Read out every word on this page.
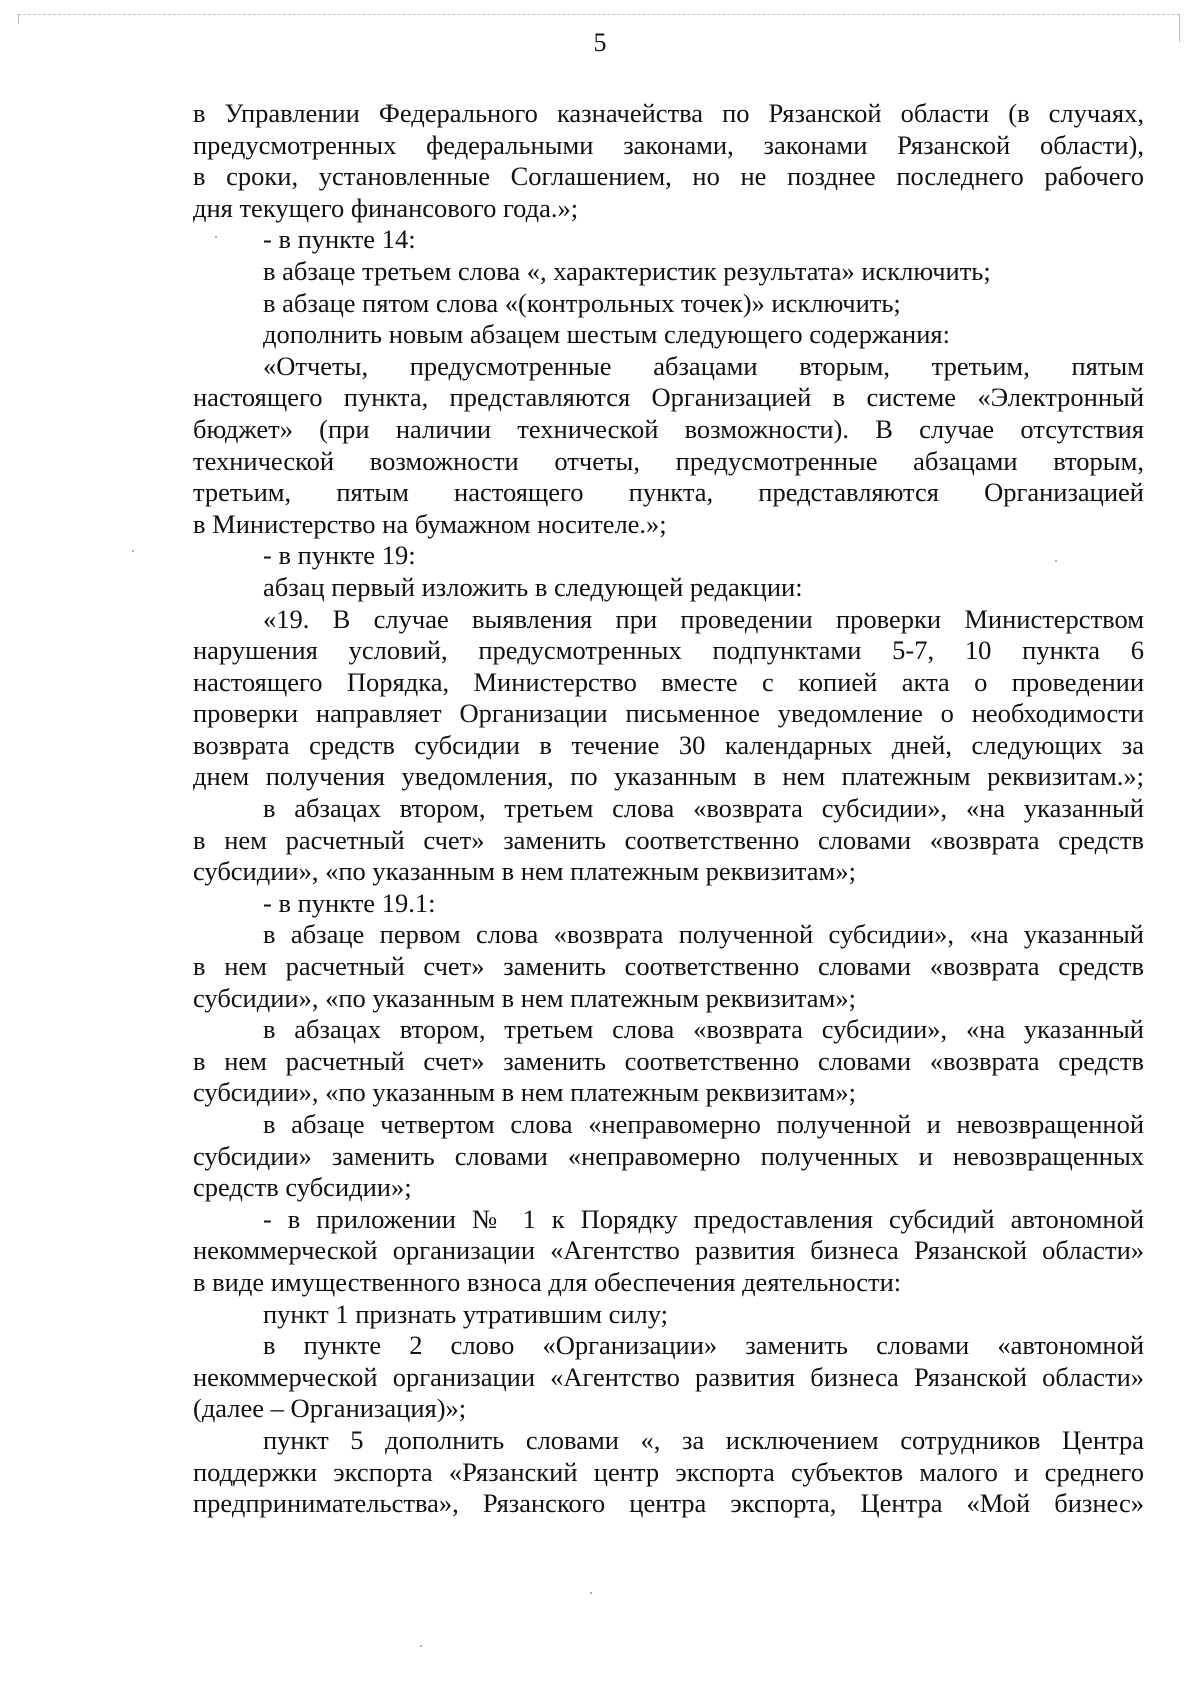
5
в Управлении Федерального казначейства по Рязанской области (в случаях,
предусмотренных федеральными законами, законами Рязанской области),
в сроки, установленные Соглашением, но не позднее последнего рабочего
дня текущего финансового года.»;
- в пункте 14:
в абзаце третьем слова «, характеристик результата» исключить;
в абзаце пятом слова «(контрольных точек)» исключить;
дополнить новым абзацем шестым следующего содержания:
«Отчеты, предусмотренные абзацами вторым, третьим, пятым
настоящего пункта, представляются Организацией в системе «Электронный
бюджет» (при наличии технической возможности). В случае отсутствия
технической возможности отчеты, предусмотренные абзацами вторым,
третьим, пятым настоящего пункта, представляются Организацией
в Министерство на бумажном носителе.»;
- в пункте 19:
абзац первый изложить в следующей редакции:
«19. В случае выявления при проведении проверки Министерством
нарушения условий, предусмотренных подпунктами 5-7, 10 пункта 6
настоящего Порядка, Министерство вместе с копией акта о проведении
проверки направляет Организации письменное уведомление о необходимости
возврата средств субсидии в течение 30 календарных дней, следующих за
днем получения уведомления, по указанным в нем платежным реквизитам.»;
в абзацах втором, третьем слова «возврата субсидии», «на указанный
в нем расчетный счет» заменить соответственно словами «возврата средств
субсидии», «по указанным в нем платежным реквизитам»;
- в пункте 19.1:
в абзаце первом слова «возврата полученной субсидии», «на указанный
в нем расчетный счет» заменить соответственно словами «возврата средств
субсидии», «по указанным в нем платежным реквизитам»;
в абзацах втором, третьем слова «возврата субсидии», «на указанный
в нем расчетный счет» заменить соответственно словами «возврата средств
субсидии», «по указанным в нем платежным реквизитам»;
в абзаце четвертом слова «неправомерно полученной и невозвращенной
субсидии» заменить словами «неправомерно полученных и невозвращенных
средств субсидии»;
- в приложении № 1 к Порядку предоставления субсидий автономной
некоммерческой организации «Агентство развития бизнеса Рязанской области»
в виде имущественного взноса для обеспечения деятельности:
пункт 1 признать утратившим силу;
в пункте 2 слово «Организации» заменить словами «автономной
некоммерческой организации «Агентство развития бизнеса Рязанской области»
(далее – Организация)»;
пункт 5 дополнить словами «, за исключением сотрудников Центра
поддержки экспорта «Рязанский центр экспорта субъектов малого и среднего
предпринимательства», Рязанского центра экспорта, Центра «Мой бизнес»
